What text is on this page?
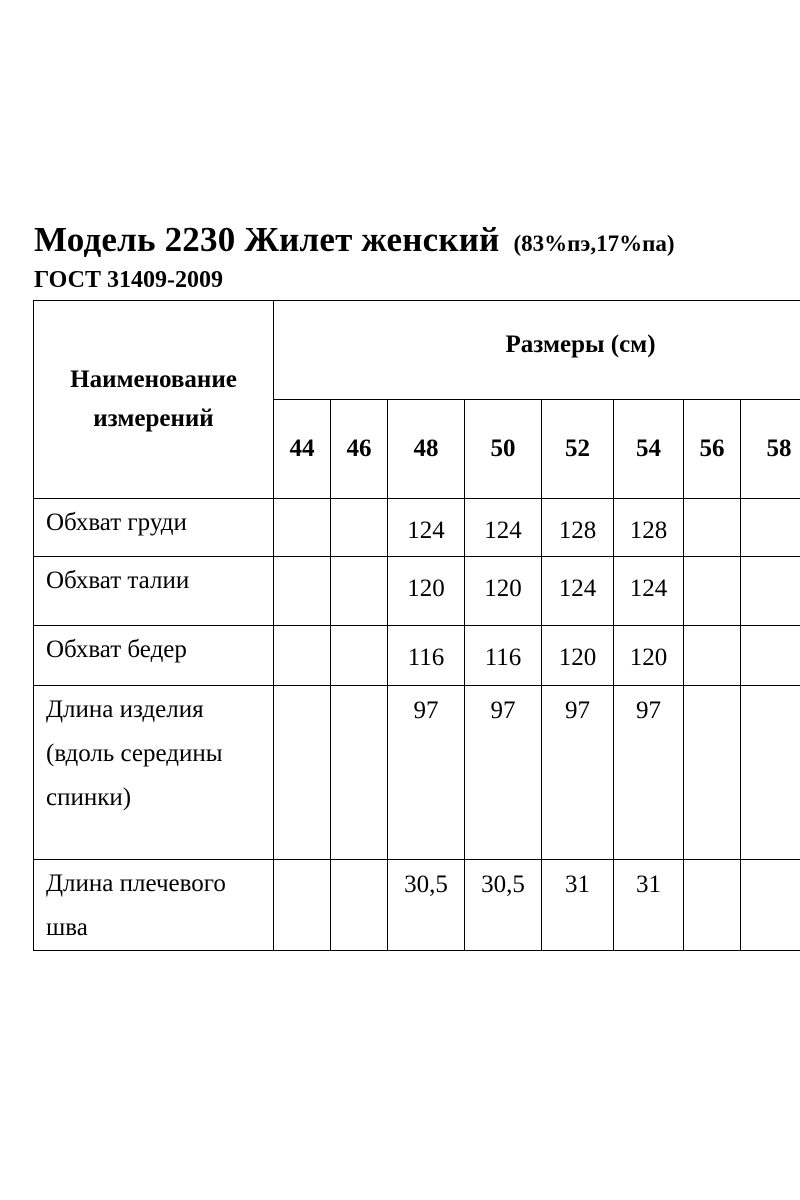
Модель 2230 Жилет женский (83%пэ,17%па)
ГОСТ 31409-2009
Наименование измерений	Размеры (см)							
	44	46	48	50	52	54	56	58
Обхват груди			124	124	128	128		
Обхват талии			120	120	124	124		
Обхват бедер			116	116	120	120		
Длина изделия (вдоль середины спинки)			97	97	97	97		
Длина плечевого шва			30,5	30,5	31	31		
